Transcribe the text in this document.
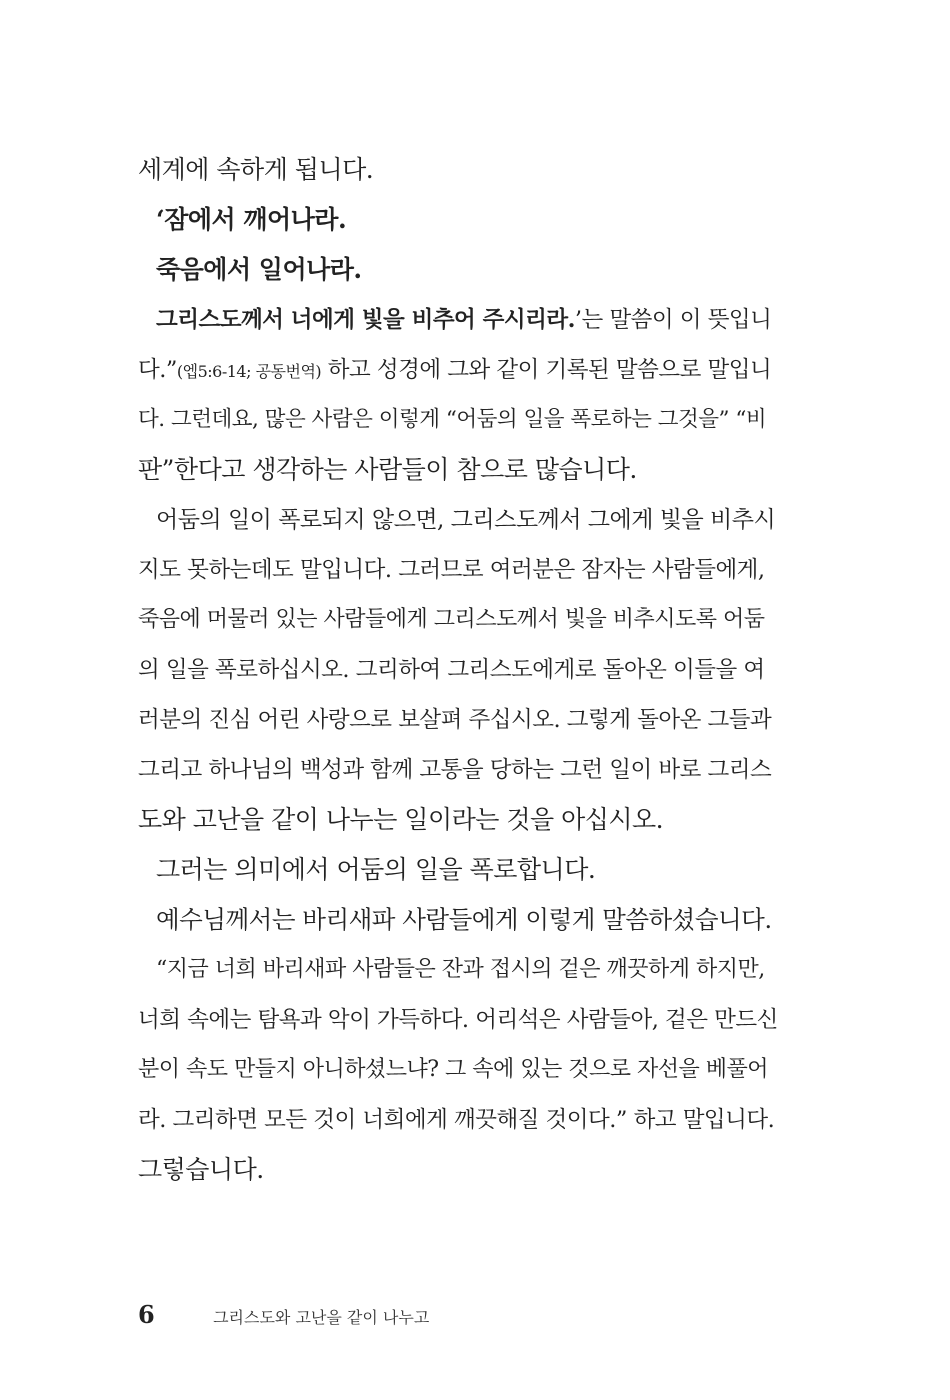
세계에 속하게 됩니다.
‘잠에서 깨어나라.
죽음에서 일어나라.
그리스도께서 너에게 빛을 비추어 주시리라.’는 말씀이 이 뜻입니
다.”(엡5:6-14; 공동번역) 하고 성경에 그와 같이 기록된 말씀으로 말입니
다. 그런데요, 많은 사람은 이렇게 “어둠의 일을 폭로하는 그것을” “비
판”한다고 생각하는 사람들이 참으로 많습니다.
어둠의 일이 폭로되지 않으면, 그리스도께서 그에게 빛을 비추시
지도 못하는데도 말입니다. 그러므로 여러분은 잠자는 사람들에게,
죽음에 머물러 있는 사람들에게 그리스도께서 빛을 비추시도록 어둠
의 일을 폭로하십시오. 그리하여 그리스도에게로 돌아온 이들을 여
러분의 진심 어린 사랑으로 보살펴 주십시오. 그렇게 돌아온 그들과
그리고 하나님의 백성과 함께 고통을 당하는 그런 일이 바로 그리스
도와 고난을 같이 나누는 일이라는 것을 아십시오.
그러는 의미에서 어둠의 일을 폭로합니다.
예수님께서는 바리새파 사람들에게 이렇게 말씀하셨습니다.
“지금 너희 바리새파 사람들은 잔과 접시의 겉은 깨끗하게 하지만,
너희 속에는 탐욕과 악이 가득하다. 어리석은 사람들아, 겉은 만드신
분이 속도 만들지 아니하셨느냐? 그 속에 있는 것으로 자선을 베풀어
라. 그리하면 모든 것이 너희에게 깨끗해질 것이다.” 하고 말입니다.
그렇습니다.
6	그리스도와 고난을 같이 나누고
